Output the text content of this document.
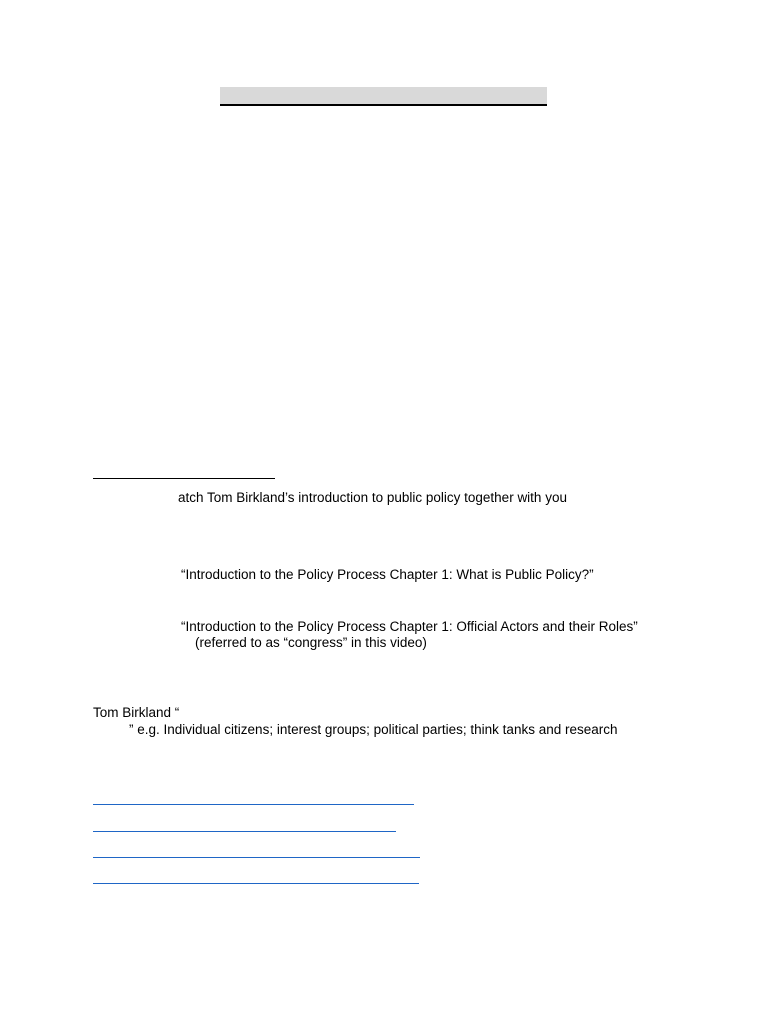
atch Tom Birkland’s introduction to public policy together with you
“Introduction to the Policy Process Chapter 1: What is Public Policy?”
“Introduction to the Policy Process Chapter 1: Official Actors and their Roles”
(referred to as “congress” in this video)
Tom Birkland “
” e.g. Individual citizens; interest groups; political parties; think tanks and research
